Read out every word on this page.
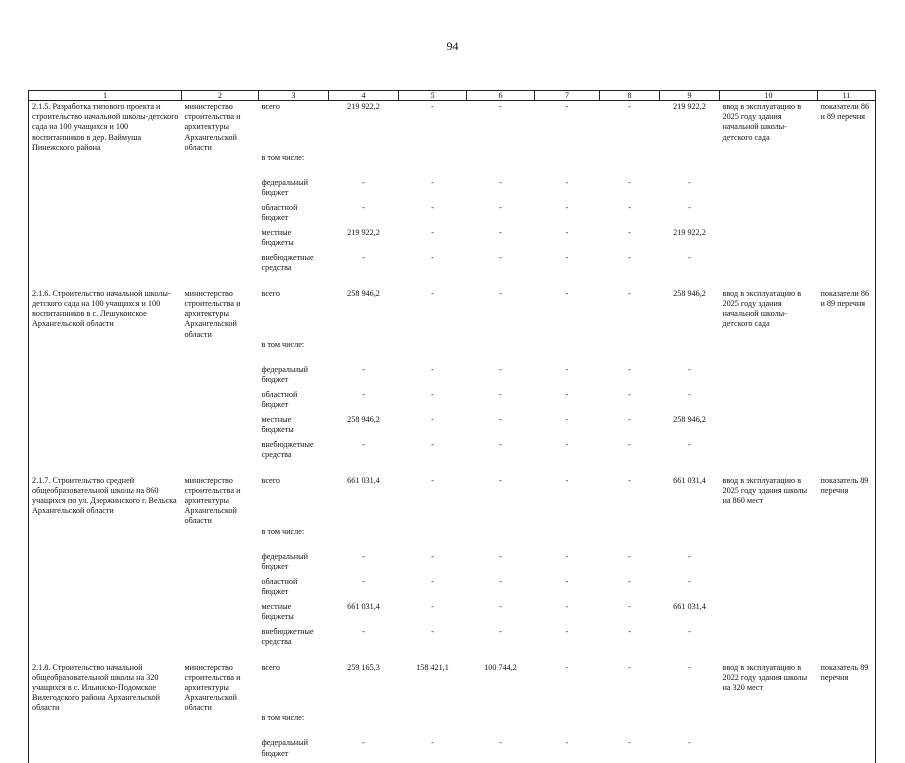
94
1	2	3	4	5	6	7	8	9	10	11
2.1.5. Разработка типового проекта и строительство начальной школы-детского сада на 100 учащихся и 100 воспитанников в дер. Ваймуша Пинежского района	министерство строительства и архитектуры Архангельской области	всего	219 922,2	-	-	-	-	219 922,2	ввод в эксплуатацию в 2025 году здания начальной школы-детского сада	показатели 86 и 89 перечня
		в том числе:								
		федеральный бюджет	-	-	-	-	-	-		
		областной бюджет	-	-	-	-	-	-		
		местные бюджеты	219 922,2	-	-	-	-	219 922,2		
		внебюджетные средства	-	-	-	-	-	-		

2.1.6. Строительство начальной школы-детского сада на 100 учащихся и 100 воспитанников в с. Лешуконское Архангельской области	министерство строительства и архитектуры Архангельской области	всего	258 946,2	-	-	-	-	258 946,2	ввод в эксплуатацию в 2025 году здания начальной школы-детского сада	показатели 86 и 89 перечня
		в том числе:								
		федеральный бюджет	-	-	-	-	-	-		
		областной бюджет	-	-	-	-	-	-		
		местные бюджеты	258 946,2	-	-	-	-	258 946,2		
		внебюджетные средства	-	-	-	-	-	-		

2.1.7. Строительство средней общеобразовательной школы на 860 учащихся по ул. Дзержинского г. Вельска Архангельской области	министерство строительства и архитектуры Архангельской области	всего	661 031,4	-	-	-	-	661 031,4	ввод в эксплуатацию в 2025 году здания школы на 860 мест	показатель 89 перечня
		в том числе:								
		федеральный бюджет	-	-	-	-	-	-		
		областной бюджет	-	-	-	-	-	-		
		местные бюджеты	661 031,4	-	-	-	-	661 031,4		
		внебюджетные средства	-	-	-	-	-	-		

2.1.8. Строительство начальной общеобразовательной школы на 320 учащихся в с. Ильинско-Подомское Вилегодского района Архангельской области	министерство строительства и архитектуры Архангельской области	всего	259 165,3	158 421,1	100 744,2	-	-	-	ввод в эксплуатацию в 2022 году здания школы на 320 мест	показатель 89 перечня
		в том числе:								
		федеральный бюджет	-	-	-	-	-	-		
